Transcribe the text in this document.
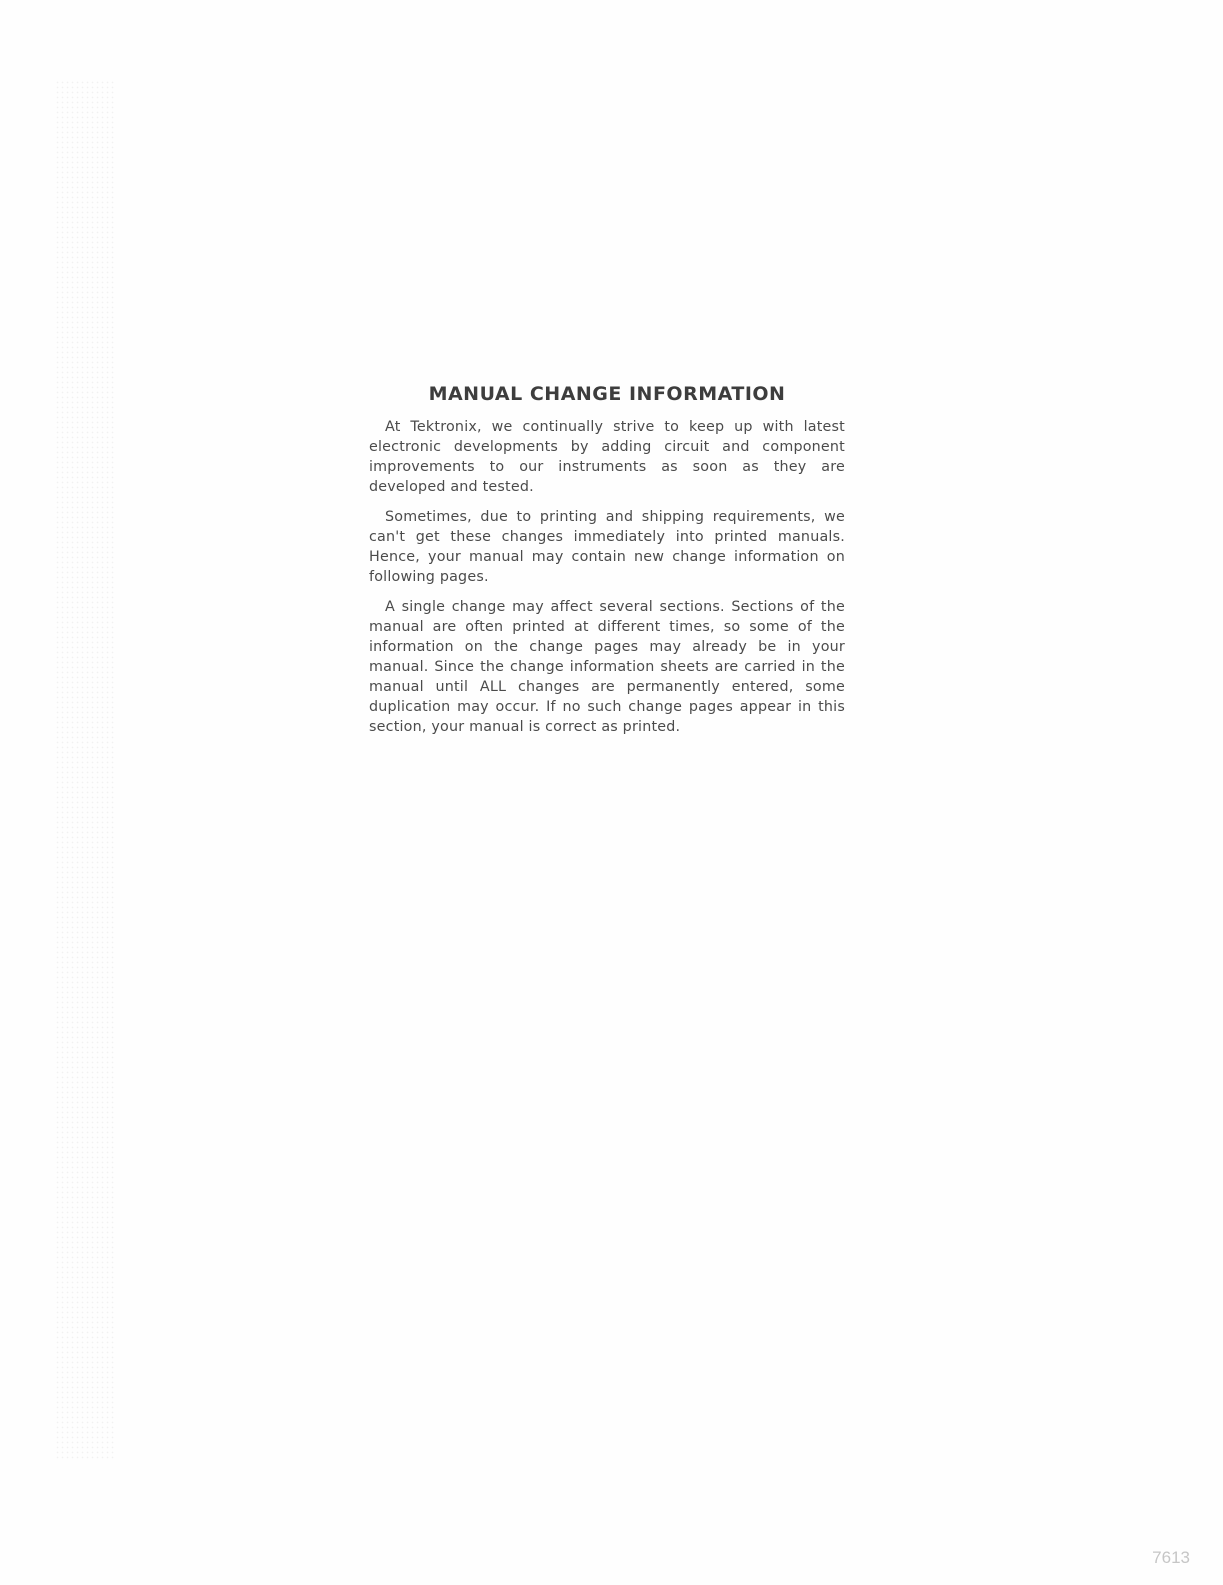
MANUAL CHANGE INFORMATION

At Tektronix, we continually strive to keep up with latest electronic developments by adding circuit and component improvements to our instruments as soon as they are developed and tested.

Sometimes, due to printing and shipping requirements, we can't get these changes immediately into printed manuals. Hence, your manual may contain new change information on following pages.

A single change may affect several sections. Sections of the manual are often printed at different times, so some of the information on the change pages may already be in your manual. Since the change information sheets are carried in the manual until ALL changes are permanently entered, some duplication may occur. If no such change pages appear in this section, your manual is correct as printed.

7613
